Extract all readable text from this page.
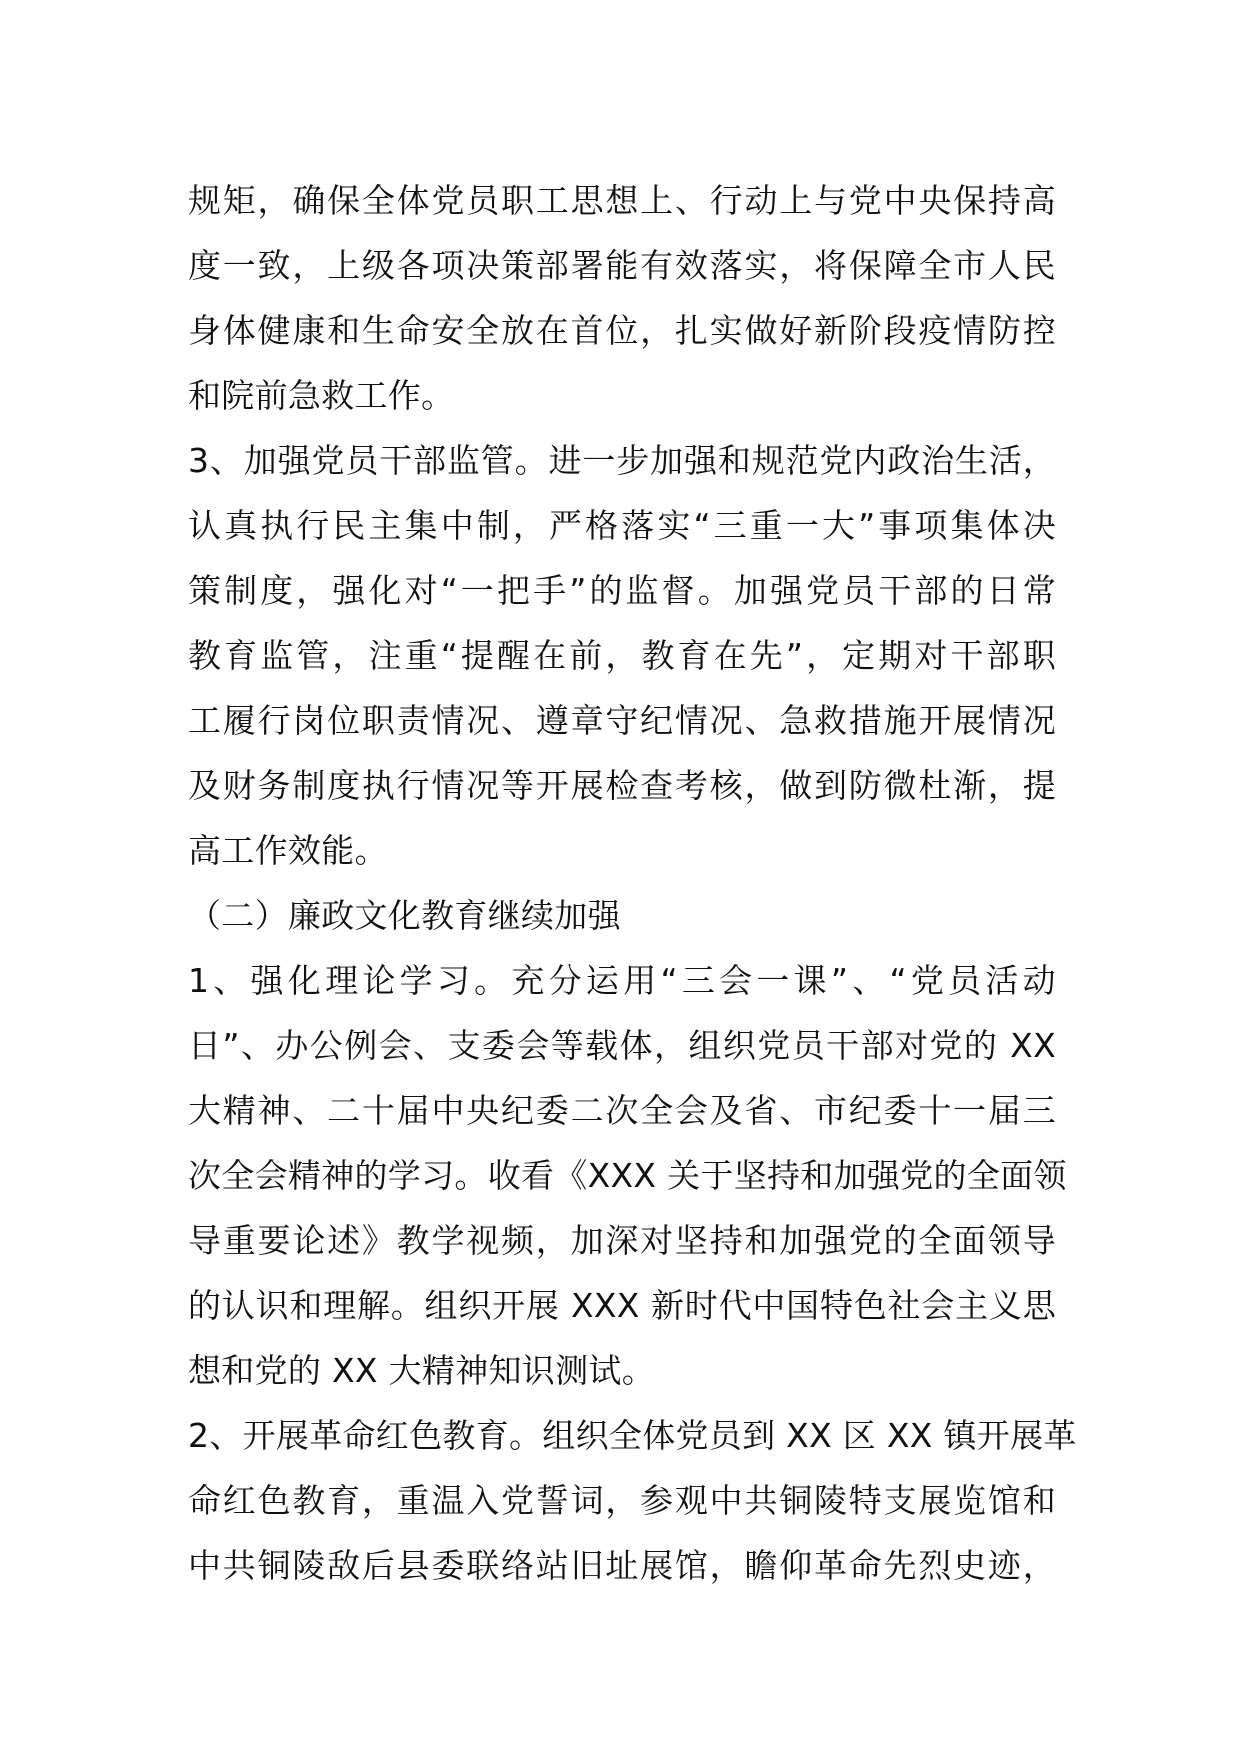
规矩，确保全体党员职工思想上、行动上与党中央保持高
度一致，上级各项决策部署能有效落实，将保障全市人民
身体健康和生命安全放在首位，扎实做好新阶段疫情防控
和院前急救工作。
3、加强党员干部监管。进一步加强和规范党内政治生活，
认真执行民主集中制，严格落实“三重一大”事项集体决
策制度，强化对“一把手”的监督。加强党员干部的日常
教育监管，注重“提醒在前，教育在先”，定期对干部职
工履行岗位职责情况、遵章守纪情况、急救措施开展情况
及财务制度执行情况等开展检查考核，做到防微杜渐，提
高工作效能。
（二）廉政文化教育继续加强
1、强化理论学习。充分运用“三会一课”、“党员活动
日”、办公例会、支委会等载体，组织党员干部对党的 XX
大精神、二十届中央纪委二次全会及省、市纪委十一届三
次全会精神的学习。收看《XXX 关于坚持和加强党的全面领
导重要论述》教学视频，加深对坚持和加强党的全面领导
的认识和理解。组织开展 XXX 新时代中国特色社会主义思
想和党的 XX 大精神知识测试。
2、开展革命红色教育。组织全体党员到 XX 区 XX 镇开展革
命红色教育，重温入党誓词，参观中共铜陵特支展览馆和
中共铜陵敌后县委联络站旧址展馆，瞻仰革命先烈史迹，
